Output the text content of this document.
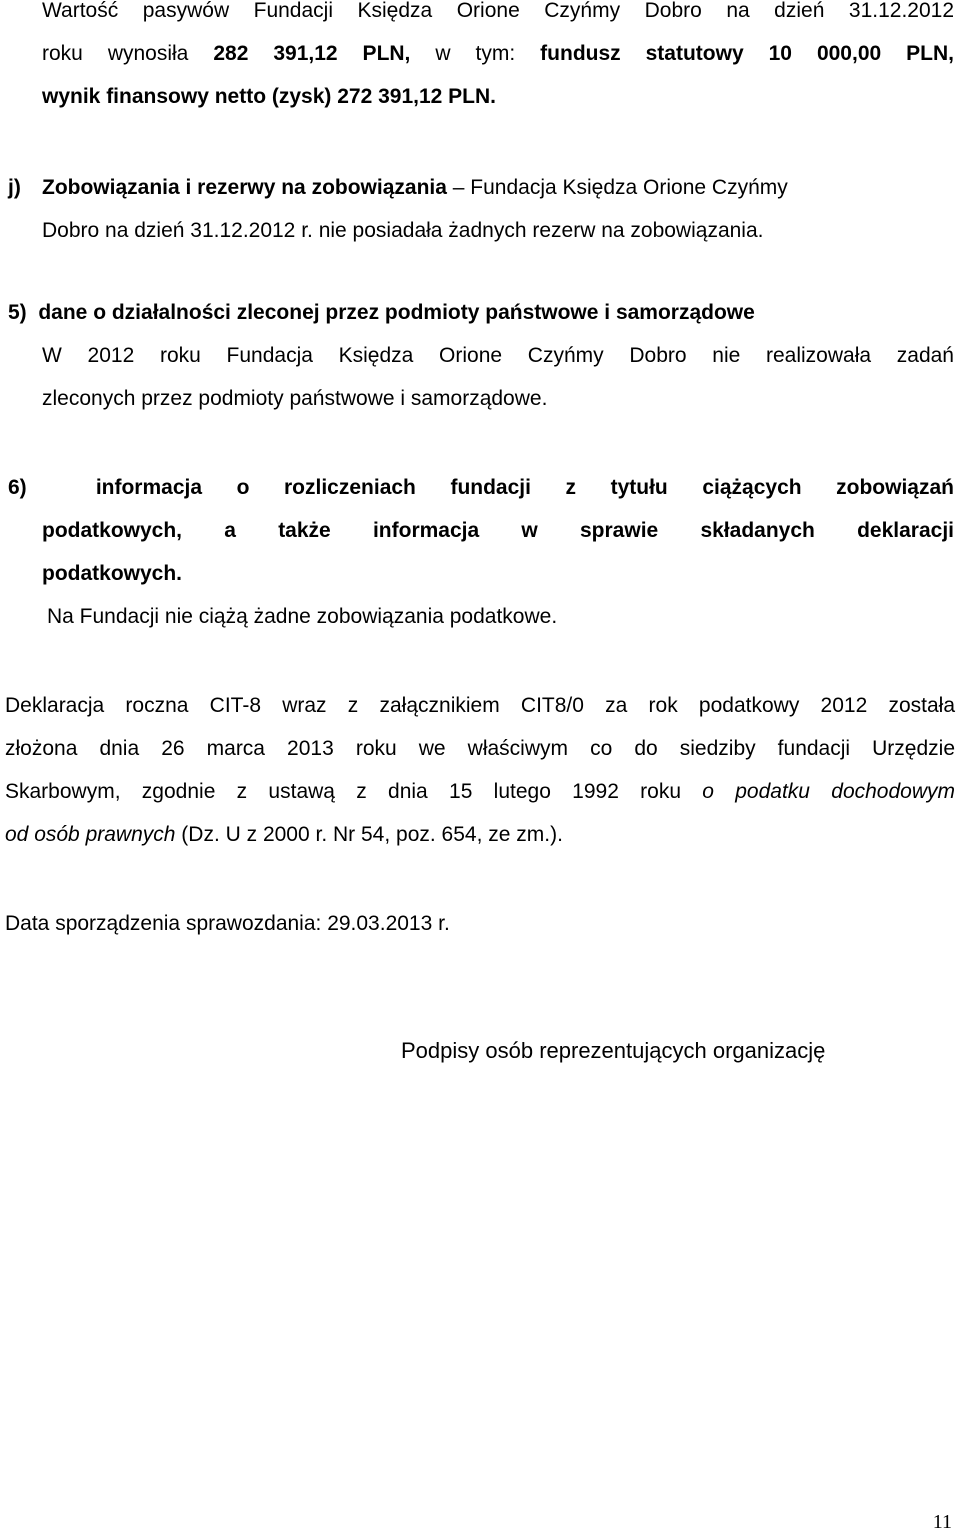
Wartość pasywów Fundacji Księdza Orione Czyńmy Dobro na dzień 31.12.2012
roku wynosiła 282 391,12 PLN, w tym: fundusz statutowy 10 000,00 PLN,
wynik finansowy netto (zysk) 272 391,12 PLN.
j) Zobowiązania i rezerwy na zobowiązania – Fundacja Księdza Orione Czyńmy
Dobro na dzień 31.12.2012 r. nie posiadała żadnych rezerw na zobowiązania.
5)  dane o działalności zleconej przez podmioty państwowe i samorządowe
W 2012 roku Fundacja Księdza Orione Czyńmy Dobro nie realizowała zadań
zleconych przez podmioty państwowe i samorządowe.
6)  informacja o rozliczeniach fundacji z tytułu ciążących zobowiązań
podatkowych, a także informacja w sprawie składanych deklaracji
podatkowych.
Na Fundacji nie ciążą żadne zobowiązania podatkowe.
Deklaracja roczna CIT-8 wraz z załącznikiem CIT8/0 za rok podatkowy 2012 została
złożona dnia 26 marca 2013 roku we właściwym co do siedziby fundacji Urzędzie
Skarbowym, zgodnie z ustawą z dnia 15 lutego 1992 roku o podatku dochodowym
od osób prawnych (Dz. U z 2000 r. Nr 54, poz. 654, ze zm.).
Data sporządzenia sprawozdania: 29.03.2013 r.
Podpisy osób reprezentujących organizację
11
